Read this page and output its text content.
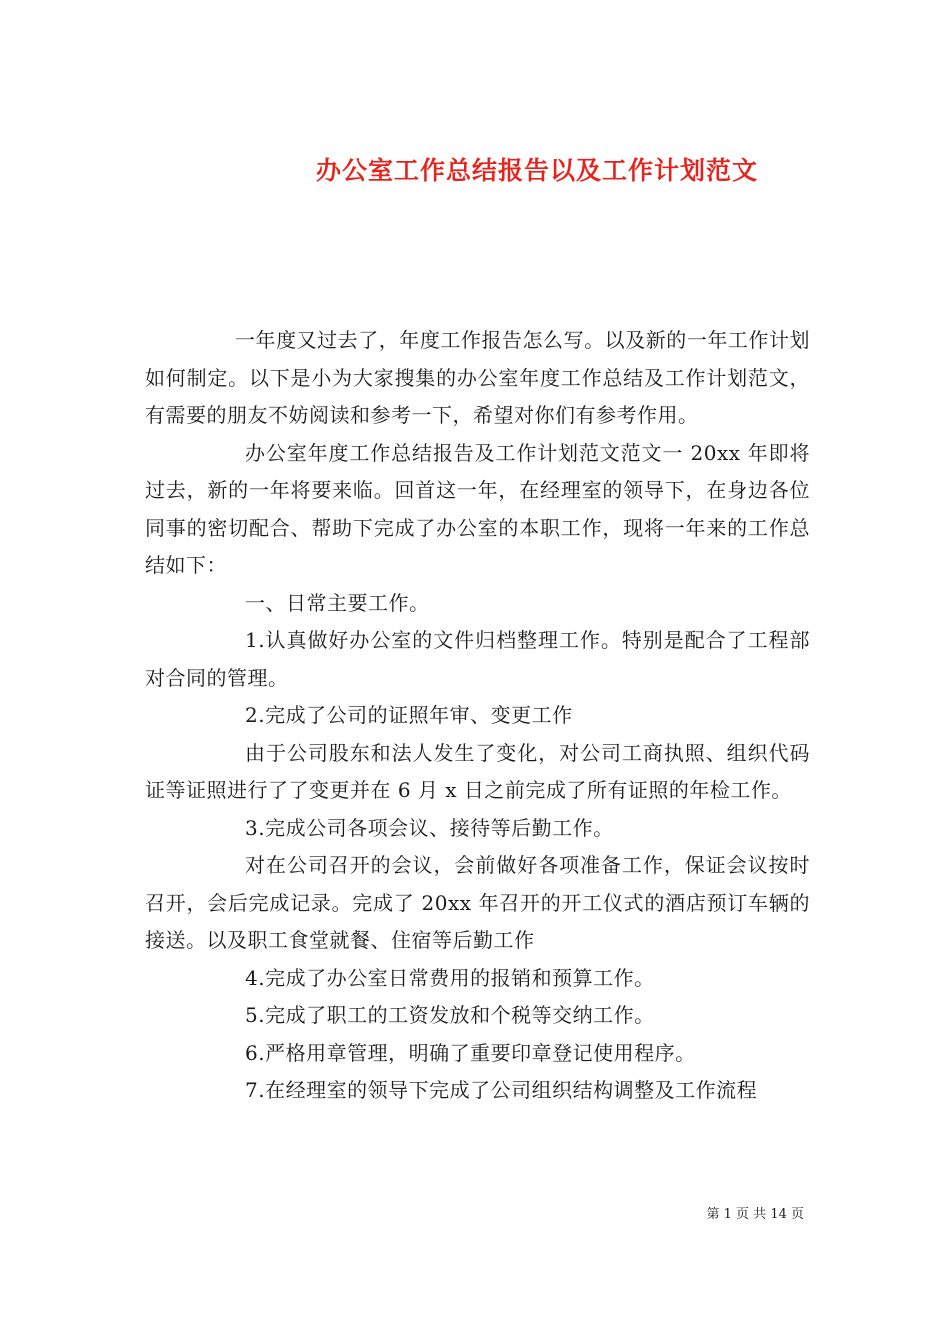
办公室工作总结报告以及工作计划范文

一年度又过去了，年度工作报告怎么写。以及新的一年工作计划如何制定。以下是小为大家搜集的办公室年度工作总结及工作计划范文，有需要的朋友不妨阅读和参考一下，希望对你们有参考作用。

办公室年度工作总结报告及工作计划范文范文一 20xx 年即将过去，新的一年将要来临。回首这一年，在经理室的领导下，在身边各位同事的密切配合、帮助下完成了办公室的本职工作，现将一年来的工作总结如下：

一、日常主要工作。

1.认真做好办公室的文件归档整理工作。特别是配合了工程部对合同的管理。

2.完成了公司的证照年审、变更工作

由于公司股东和法人发生了变化，对公司工商执照、组织代码证等证照进行了了变更并在 6 月 x 日之前完成了所有证照的年检工作。

3.完成公司各项会议、接待等后勤工作。

对在公司召开的会议，会前做好各项准备工作，保证会议按时召开，会后完成记录。完成了 20xx 年召开的开工仪式的酒店预订车辆的接送。以及职工食堂就餐、住宿等后勤工作

4.完成了办公室日常费用的报销和预算工作。

5.完成了职工的工资发放和个税等交纳工作。

6.严格用章管理，明确了重要印章登记使用程序。

7.在经理室的领导下完成了公司组织结构调整及工作流程

第 1 页 共 14 页
